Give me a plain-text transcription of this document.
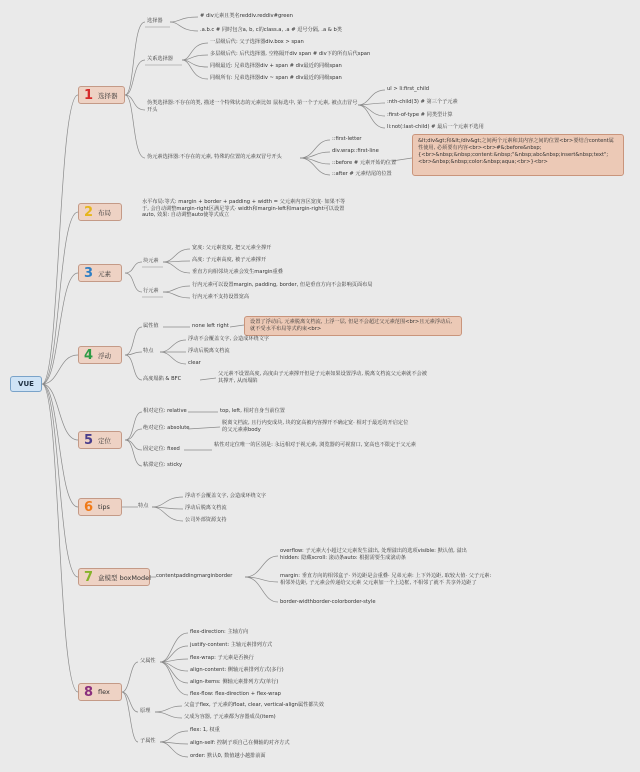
VUE
1 选择器
选择器
# div元素且类名reddiv.reddiv#green
.a.b.c # 同时包含a, b, c的class.a, .a # 逗号分隔, .a & b类
关系选择器
一层级后代: 父子选择器div.box > span
多层级后代: 后代选择器, 空格隔开div span # div下的所有后代span
同级最近: 兄弟选择器div + span # div最近的同级span
同级所有: 兄弟选择器div ~ span # div最近的同级span
伪类选择器:不存在的类, 描述一个特殊状态的元素比如 鼠标选中, 第一个子元素, 被点击冒号开头
ul > li:first_child
:nth-child(3) # 第三个子元素
:first-of-type # 同类型计算
li:not(:last-child) # 最后一个元素不选用
伪元素选择器:不存在的元素, 特殊的位置的元素双冒号开头
::first-letter
div.wrap::first-line
::before # 元素开始的位置
::after # 元素结尾的位置
&lt;div&gt;和&lt;/div&gt;之间两个元素和其内容之间的位置<br>要结合content属性使用, 必须要有内容<br><br>#&;before&nbsp;{<br>&nbsp;&nbsp;content:&nbsp;"&nbsp;abc&nbsp;insert&nbsp;text";<br>&nbsp;&nbsp;color:&nbsp;aqua;<br>}<br>
2 布局
水平布局:等式: margin + border + padding + width = 父元素内容区宽度· 如果不等于, 会自动调整margin-right区满足等式· width和margin-left和margin-right可以设置auto, 效果: 自动调整auto使等式成立
3 元素
块元素
宽度: 父元素宽度, 把父元素全撑开
高度: 子元素高度, 被子元素撑开
垂直方向相邻块元素会发生margin重叠
行元素
行内元素可以设置margin, padding, border, 但是垂直方向不会影响页面布局
行内元素不支持设置宽高
4 浮动
属性值	none left right
设置了浮动后, 元素脱离文档流, 上浮一层, 但是不会超过父元素范围<br>且元素浮动后, 就不受水平布局等式约束<br>
特点
浮动不会覆盖文字, 会造成环绕文字
浮动后脱离文档流
clear
高度塌陷 & BFC
父元素不设置高度, 高度由子元素撑开但是子元素如果设置浮动, 脱离文档流父元素就不会被其撑开, 从而塌陷
5 定位
相对定位: relative	top, left, 相对自身当前位置
绝对定位: absolute
脱离文档流, 且行内变成块, 块的宽高被内容撑开不确定宽· 相对于最近的开启定位的父元素素body
固定定位: fixed
粘性对定位唯一的区别是: 永远相对于视元素, 浏览器的可视窗口, 宽高也不限定于父元素
粘滞定位: sticky
6 tips	特点
浮动不会覆盖文字, 会造成环绕文字
浮动后脱离文档流
公司外部资源支持
7 盒模型 boxModel contentpaddingmarginborder
overflow: 子元素大小超过父元素发生溢出, 处理溢出的选项visible: 默认值, 溢出hidden: 隐藏scroll: 滚动条auto: 根据需要生成滚动条
margin: 垂直方向的相邻盒子· 外边距是会重叠· 兄弟元素: 上下外边距, 取较大值· 父子元素: 相邻外边距, 子元素会传递给父元素 父元素加一个上边框, 不相邻了就不 共享外边距了
border-widthborder-colorborder-style
8 flex
父属性
flex-direction: 主轴方向
justify-content: 主轴元素排列方式
flex-wrap: 子元素是否换行
align-content: 侧轴元素排列方式(多行)
align-items: 侧轴元素排列方式(单行)
flex-flow: flex-direction + flex-wrap
原理
父盒子flex, 子元素的float, clear, vertical-align属性都失效
父成为容器, 子元素都为容器成员(item)
子属性
flex: 1, 权重
align-self: 控制子项自己在侧轴的对齐方式
order: 默认0, 数值越小越排前面
